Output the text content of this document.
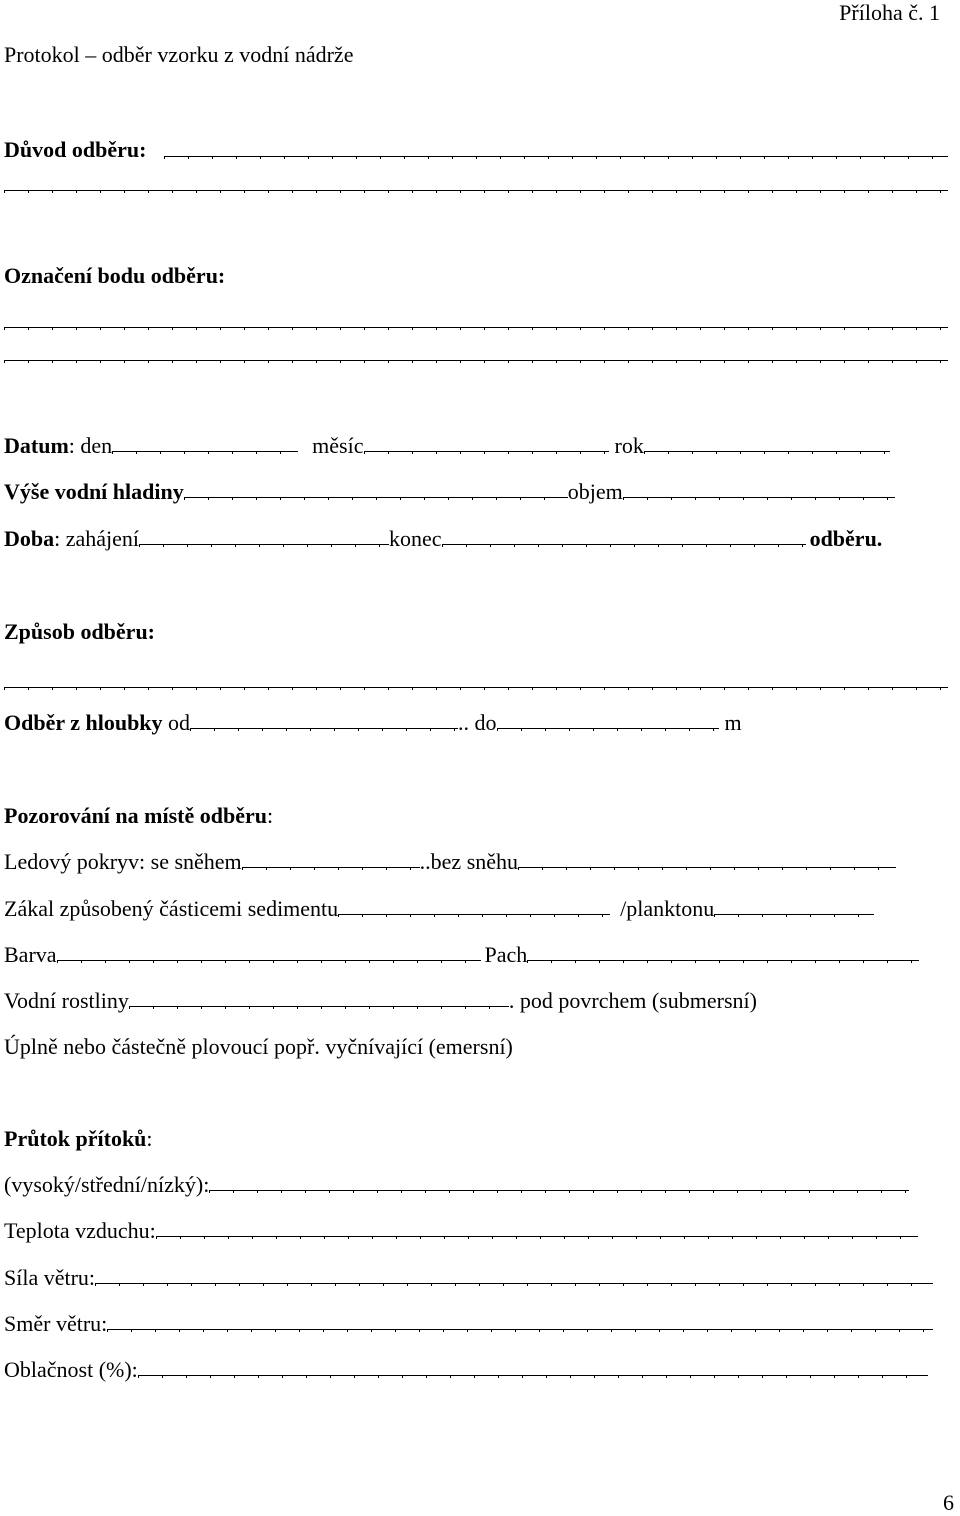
Příloha č. 1
Protokol – odběr vzorku z vodní nádrže
Důvod odběru:
Označení bodu odběru:
Datum: den	měsíc	rok
Výše vodní hladiny	objem
Doba: zahájení	konec	odběru.
Způsob odběru:
Odběr z hloubky od	.. do	m
Pozorování na místě odběru:
Ledový pokryv: se sněhem	..bez sněhu
Zákal způsobený částicemi sedimentu	/planktonu
Barva	Pach
Vodní rostliny	. pod povrchem (submersní)
Úplně nebo částečně plovoucí popř. vyčnívající (emersní)
Průtok přítoků:
(vysoký/střední/nízký):
Teplota vzduchu:
Síla větru:
Směr větru:
Oblačnost (%):
6
